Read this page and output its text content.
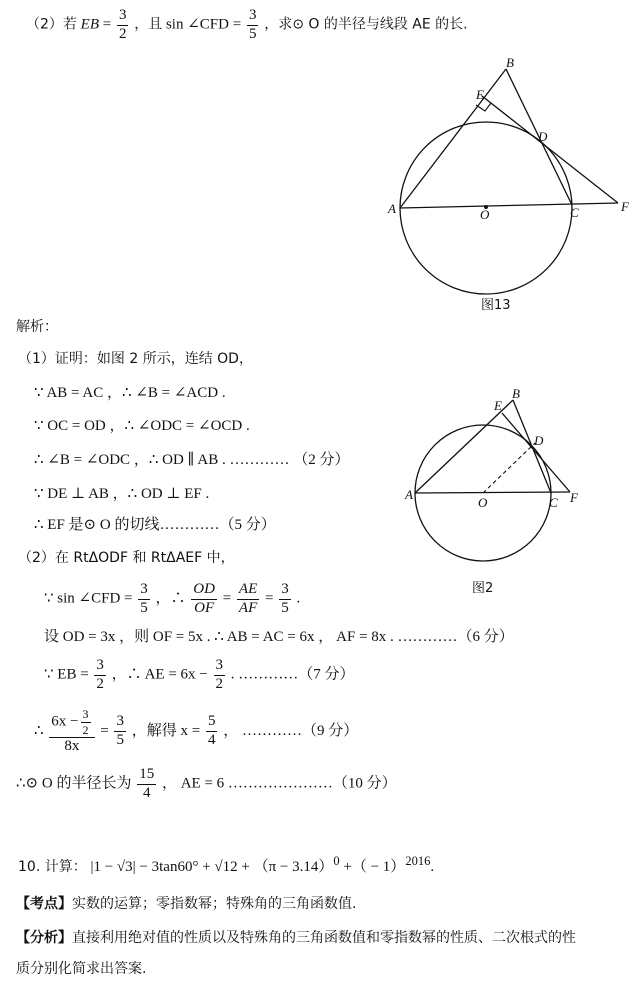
（2）若 EB = $\frac{3}{2}$ ，且 sin ∠CFD = $\frac{3}{5}$ ，求⊙ O 的半径与线段 AE 的长.
A
B
C
D
E
F
O
图13
解析：
（1）证明：如图 2 所示，连结 OD，
∵ AB = AC ，∴ ∠B = ∠ACD .
∵ OC = OD ，∴ ∠ODC = ∠OCD .
∴ ∠B = ∠ODC ，∴ OD ∥ AB . ………… （2 分）
∵ DE ⊥ AB ，∴ OD ⊥ EF .
∴ EF 是⊙ O 的切线…………（5 分）
（2）在 RtΔODF 和 RtΔAEF 中，
A
B
C
D
E
F
O
图2
∵ sin ∠CFD = $\frac{3}{5}$ ，∴ $\frac{OD}{OF} = \frac{AE}{AF} = \frac{3}{5}$ .
设 OD = 3x ，则 OF = 5x . ∴ AB = AC = 6x ， AF = 8x . …………（6 分）
∵ EB = $\frac{3}{2}$ ，∴ AE = $6x - \frac{3}{2}$ . …………（7 分）
∴ $\frac{6x - \frac{3}{2}}{8x} = \frac{3}{5}$ ，解得 $x = \frac{5}{4}$ ， …………（9 分）
∴⊙ O 的半径长为 $\frac{15}{4}$ ， AE = 6 …………………（10 分）
10. 计算： $|1 - √3| - 3\tan 60^\circ + √12 + (\pi - 3.14)^0$ +（ − 1）$^{2016}$.
【考点】实数的运算；零指数幂；特殊角的三角函数值.
【分析】直接利用绝对值的性质以及特殊角的三角函数值和零指数幂的性质、二次根式的性
质分别化简求出答案.
